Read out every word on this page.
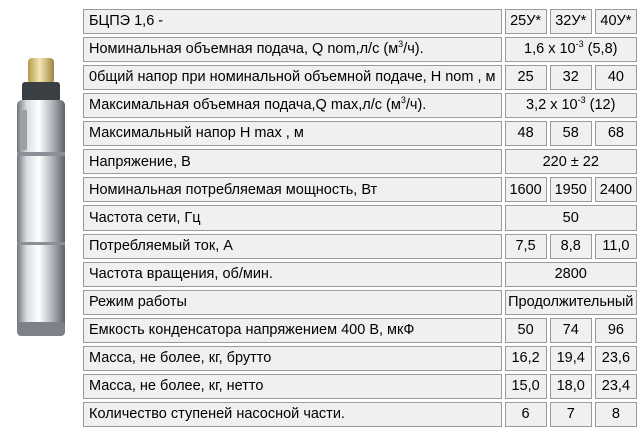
БЦПЭ 1,6 -	25У*	32У*	40У*
Номинальная объемная подача, Q nom,л/с $(м^3/ч)$.	1,6 х $10^{-3}$ (5,8)		
0бщий напор при номинальной объемной подаче, Н nom , м	25	32	40
Максимальная объемная подача,Q max,л/с $(м^3/ч)$.	3,2 х $10^{-3}$ (12)		
Максимальный напор Н max , м	48	58	68
Напряжение, В	220 ± 22		
Номинальная потребляемая мощность, Вт	1600	1950	2400
Частота сети, Гц	50		
Потребляемый ток, А	7,5	8,8	11,0
Частота вращения, об/мин.	2800		
Режим работы	Продолжительный		
Емкость конденсатора напряжением 400 В, мкФ	50	74	96
Масса, не более, кг, брутто	16,2	19,4	23,6
Масса, не более, кг, нетто	15,0	18,0	23,4
Количество ступеней насосной части.	6	7	8
